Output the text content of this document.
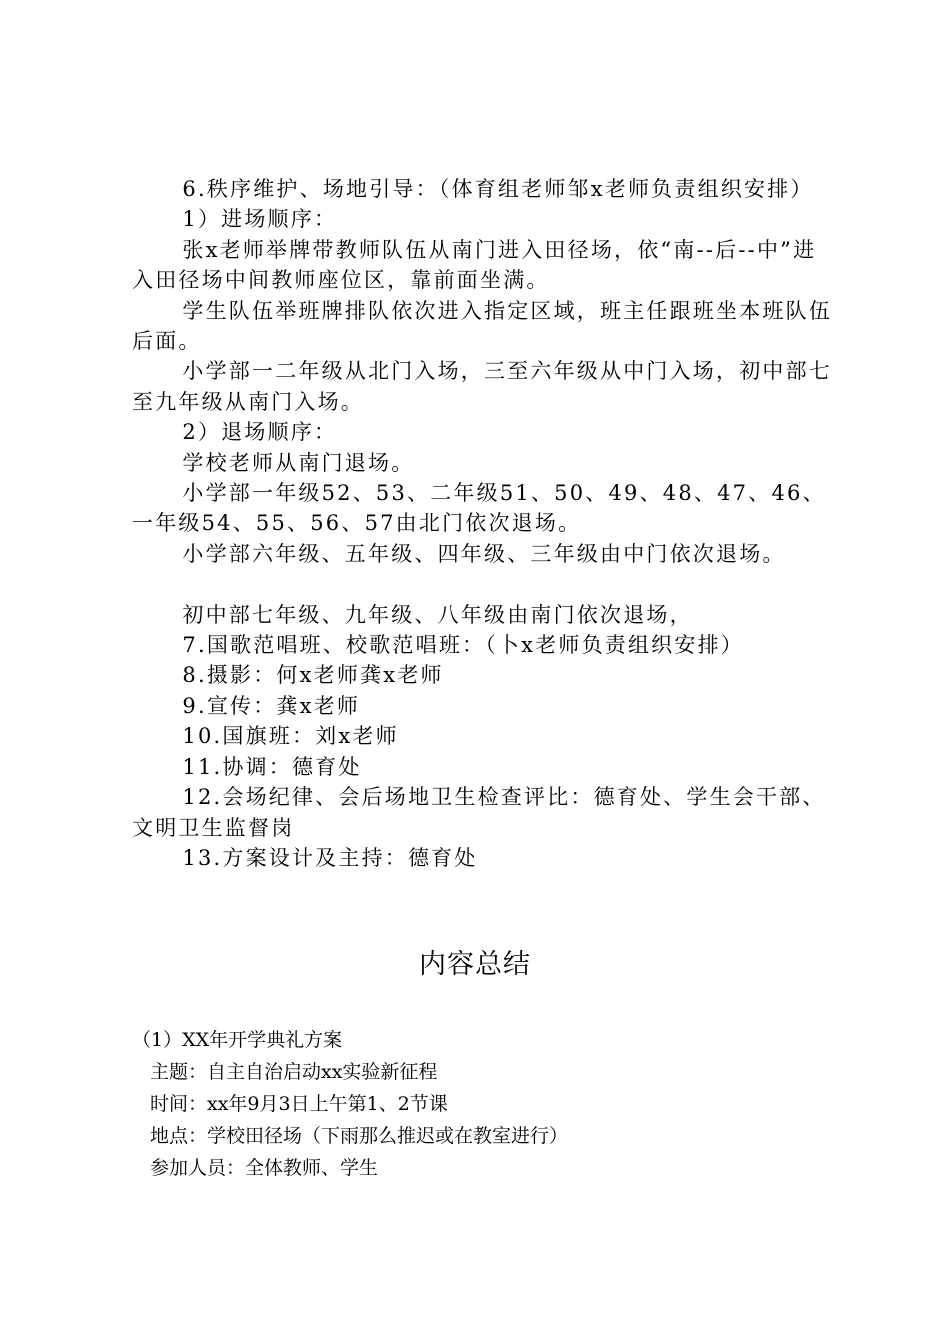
6.秩序维护、场地引导：（体育组老师邹x老师负责组织安排）

1）进场顺序：

张x老师举牌带教师队伍从南门进入田径场，依“南--后--中”进入田径场中间教师座位区，靠前面坐满。

学生队伍举班牌排队依次进入指定区域，班主任跟班坐本班队伍后面。

小学部一二年级从北门入场，三至六年级从中门入场，初中部七至九年级从南门入场。

2）退场顺序：

学校老师从南门退场。

小学部一年级52、53、二年级51、50、49、48、47、46、一年级54、55、56、57由北门依次退场。

小学部六年级、五年级、四年级、三年级由中门依次退场。

初中部七年级、九年级、八年级由南门依次退场，

7.国歌范唱班、校歌范唱班：（卜x老师负责组织安排）

8.摄影：何x老师龚x老师

9.宣传：龚x老师

10.国旗班：刘x老师

11.协调：德育处

12.会场纪律、会后场地卫生检查评比：德育处、学生会干部、文明卫生监督岗

13.方案设计及主持：德育处

内容总结

（1）XX年开学典礼方案

主题：自主自治启动xx实验新征程

时间：xx年9月3日上午第1、2节课

地点：学校田径场（下雨那么推迟或在教室进行）

参加人员：全体教师、学生
